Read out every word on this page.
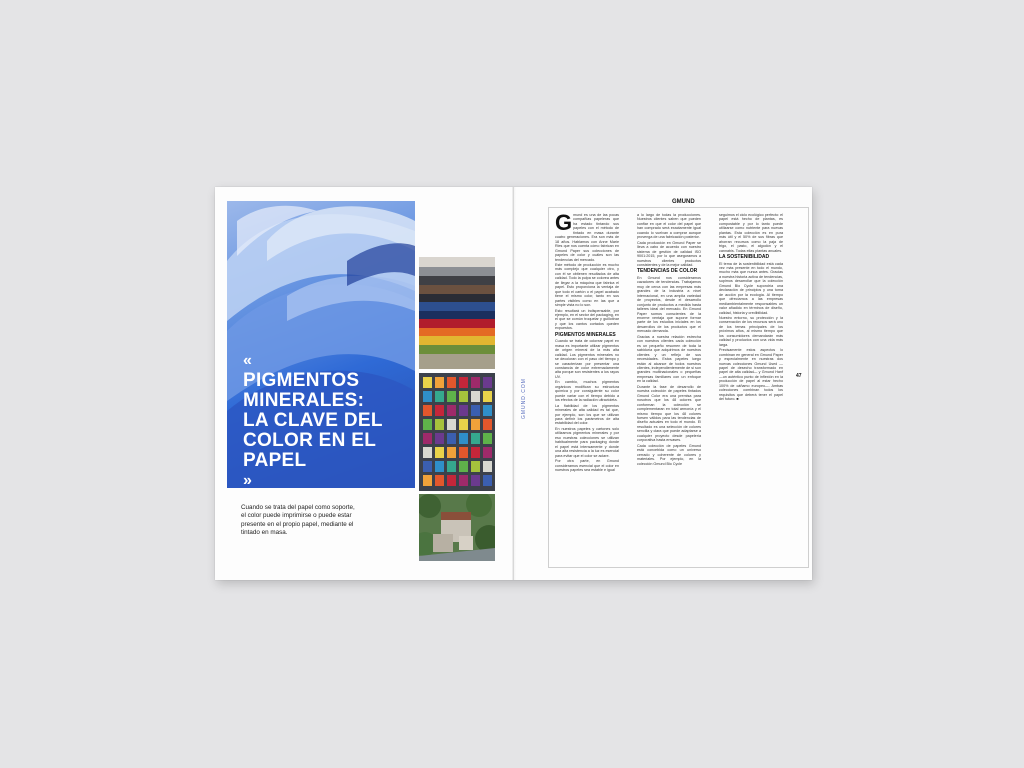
«
PIGMENTOS
MINERALES:
LA CLAVE DEL
COLOR EN EL
PAPEL
»
Cuando se trata del papel como soporte, el color puede imprimirse o puede estar presente en el propio papel, mediante el tintado en masa.
GMUND.COM
GMUND
47
G mund es una de las pocas compañías papeleras que ha estado tintando sus papeles con el método de tintado en masa durante cuatro generaciones. Era son más de 18 años. Hablamos con Anne Marie Ries que nos cuenta cómo fabrican en Gmund Paper sus colecciones de papeles de color y cuáles son las tendencias del mercado.

Este método de producción es mucho más complejo que cualquier otro, y con él se obtienen resultados de alta calidad. Todo la pulpa se colorea antes de llegar a la máquina que fabrica el papel. Esto proporciona la ventaja de que todo el cartón o el papel acabado tiene el mismo color, tanto en sus partes visibles como en las que a simple vista no lo son.

Esto resultará un indispensable, por ejemplo, en el sector del packaging, en el que se común troquelar y guillotinar y que los cantos cortados queden expuestos.

PIGMENTOS MINERALES

Cuando se trata de colorear papel en masa es importante utilizar pigmentos de origen mineral de la más alta calidad. Los pigmentos minerales no se decoloran con el paso del tiempo y se caracterizan por presentar una constancia de color extremadamente alta porque son resistentes a los rayos UV.

En cambio, muchos pigmentos orgánicos modifican su estructura química y por consiguiente su color puede variar con el tiempo debido a los efectos de la radiación ultravioleta.

La fiabilidad de los pigmentos minerales de alta calidad es tal que, por ejemplo, son los que se utilizan para definir los parámetros de alta estabilidad del color.

En nuestros papeles y cartones solo utilizamos pigmentos minerales y por eso nuestras colecciones se utilizan habitualmente para packaging donde el papel está intensamente y donde una alta resistencia a la luz es esencial para evitar que el color se aclare.

Por otra parte, en Gmund consideramos esencial que el color en nuestros papeles sea estable e igual

a lo largo de todas la producciones. Nuestros clientes saben que pueden confiar en que el color del papel que han comprado será exactamente igual cuando lo vuelvan a comprar aunque provenga de una fabricación posterior.

Cada producción en Gmund Paper se lleva a cabo de acuerdo con nuestro sistema de gestión de calidad ISO 9001:2015, por lo que aseguramos a nuestros clientes productos consistentes y de la mejor calidad.

TENDENCIAS DE COLOR

En Gmund nos consideramos cazadores de tendencias. Trabajamos muy de cerca con las empresas más grandes de la industria a nivel internacional, en una amplia variedad de proyectos, desde el desarrollo conjunto de productos a medida hasta talleres ideal del mercado. En Gmund Paper somos conscientes de la enorme ventaja que supone formar parte de los estudios iniciales en los desarrollos de los productos que el mercado demanda.

Gracias a nuestra relación estrecha con nuestros clientes cada colección es un pequeño resumen de toda la sabiduría que adquirimos de nuestros clientes y un reflejo de sus necesidades. Estos papeles luego están al alcance de todos nuestros clientes, independientemente de si son grandes multinacionales o pequeñas empresas familiares con un enfoque en la calidad.

Durante la fase de desarrollo de nuestra colección de papeles tintados Gmund Color era una premisa para nosotros que los 48 colores que conforman la colección se complementaran en total armonía y el mismo tiempo que los 48 colores fuesen válidos para las tendencias de diseño actuales en todo el mundo. El resultado es una selección de colores sencilla y clara que puede adaptarse a cualquier proyecto desde papelería corporativa hasta envases.

Cada colección de papeles Gmund está concebida como un universo cerrado y coherente de colores y materiales. Por ejemplo, en la colección Gmund Bio Cycle

seguimos el ciclo ecológico perfecto: el papel está hecho de plantas, es compostable y por lo tanto puede utilizarse como nutriente para nuevas plantas. Esta colección es en pura más útil y el 50% de sus fibras que ahorran recursos como la paja de trigo, el pasto, el algodón y el cannabis. Todas ellas plantas anuales.

LA SOSTENIBILIDAD

El tema de la sostenibilidad está cada vez más presente en todo el mundo, mucho más que nunca antes. Gracias a nuestra historia activa de tendencias, supimos desarrollar que la colección Gmund Bio Cycle supondría una declaración de principios y una toma de acción por la ecología. Al tiempo que ofrecíamos a las empresas mediambientalmente responsables un valor añadido en términos de diseño, calidad, historia y credibilidad.

Nuestro entorno, su protección y la conservación de los recursos será uno de los temas principales de los próximos años, al mismo tiempo que los consumidores demandarán más calidad y productos con una vida más larga.

Precisamente estos aspectos lo combinan en general en Gmund Paper y especialmente en nuestras dos nuevas colecciones Gmund Used —papel de desecho transformado en papel de alta calidad— y Gmund Hanf —un auténtico punto de inflexión en la producción de papel al estar hecho 100% de cáñamo europeo—. Ambas colecciones combinan todos los requisitos que deberá tener el papel del futuro. ■
